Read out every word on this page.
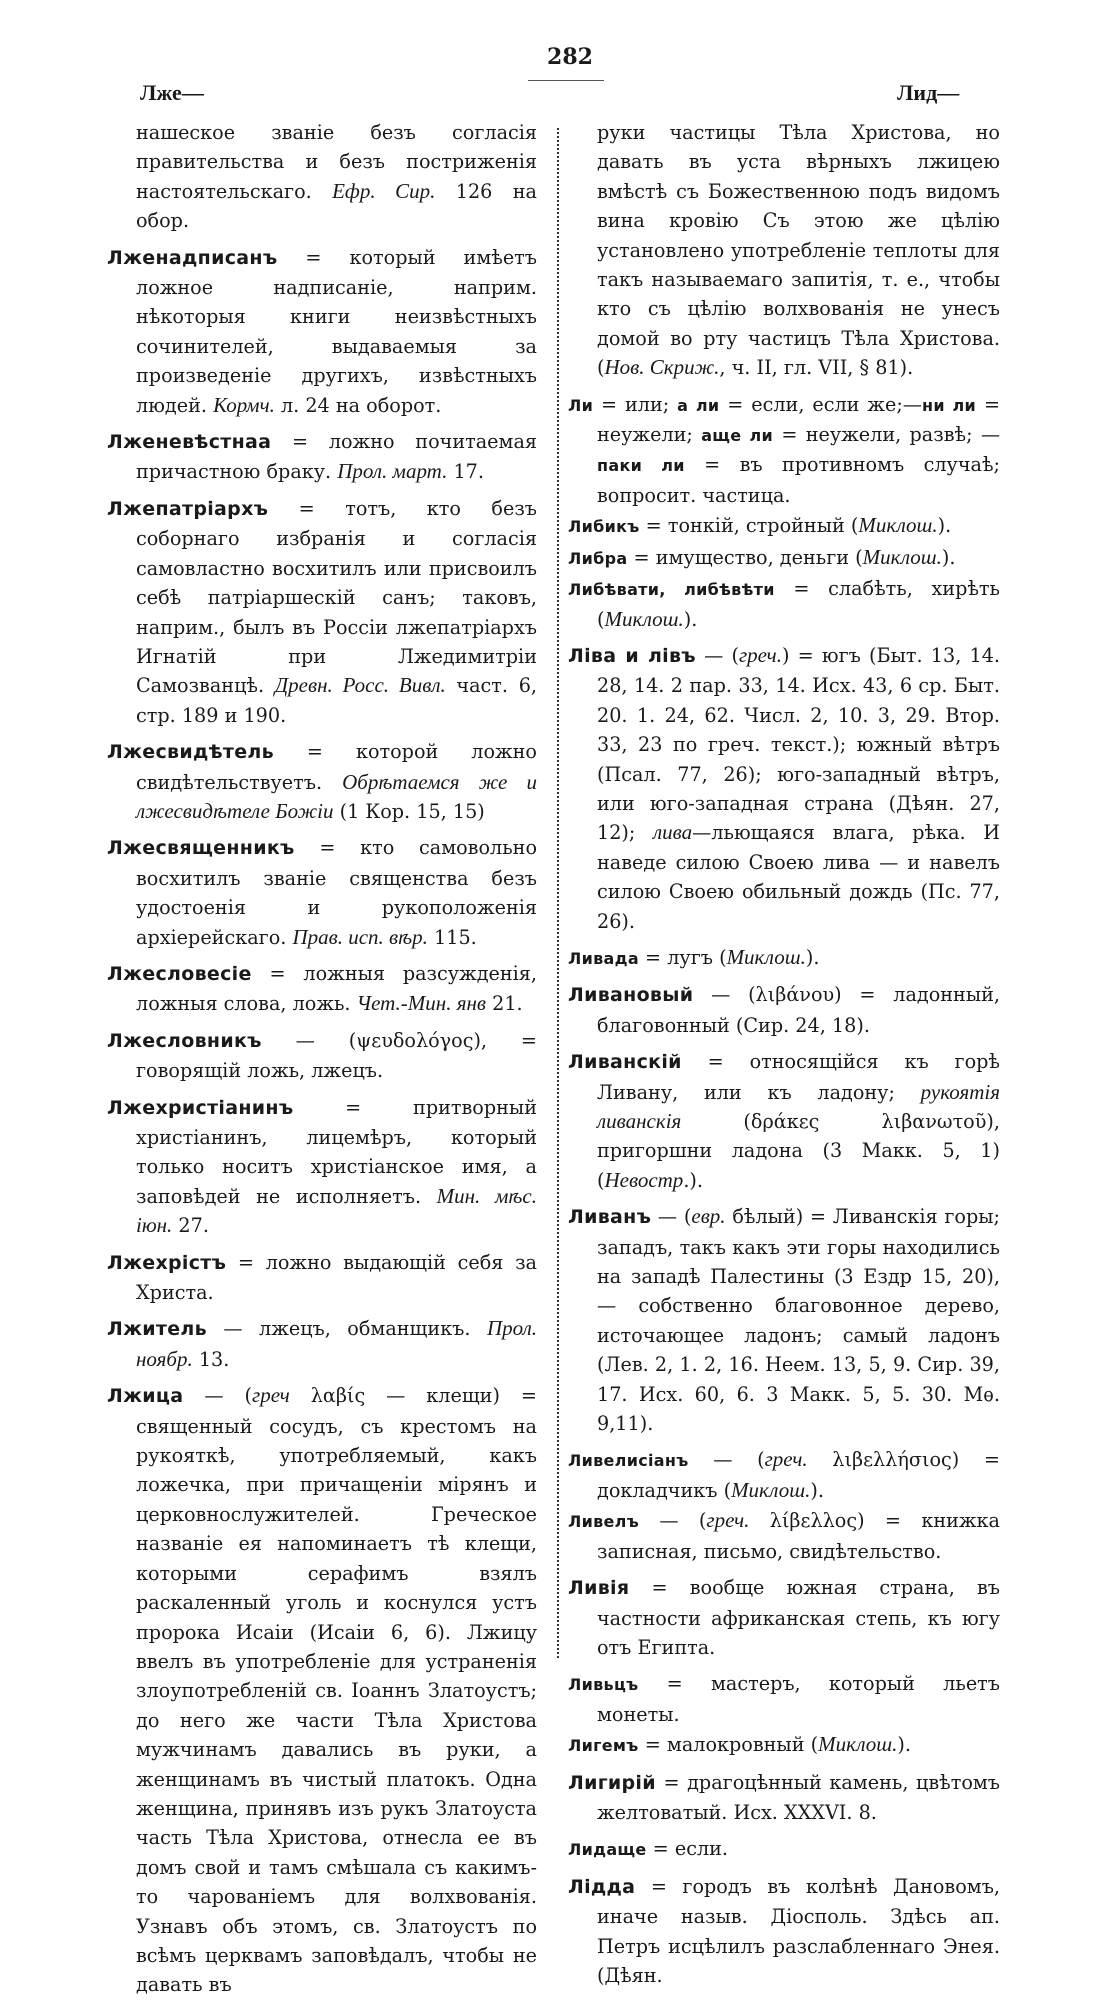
Лже—
282
Лид—

нашеское званіе безъ согласія правительства и безъ постриженія настоятельскаго. Ефр. Сир. 126 на обор.

Лженадписанъ = который имѣетъ ложное надписаніе, наприм. нѣкоторыя книги неизвѣстныхъ сочинителей, выдаваемыя за произведеніе другихъ, извѣстныхъ людей. Кормч. л. 24 на оборот.

Лженевѣстнаа = ложно почитаемая причастною браку. Прол. март. 17.

Лжепатріархъ = тотъ, кто безъ соборнаго избранія и согласія самовластно восхитилъ или присвоилъ себѣ патріаршескій санъ; таковъ, наприм., былъ въ Россіи лжепатріархъ Игнатій при Лжедимитріи Самозванцѣ. Древн. Росс. Вивл. част. 6, стр. 189 и 190.

Лжесвидѣтель = которой ложно свидѣтельствуетъ. Обрѣтаемся же и лжесвидѣтеле Божіи (1 Кор. 15, 15)

Лжесвященникъ = кто самовольно восхитилъ званіе священства безъ удостоенія и рукоположенія архіерейскаго. Прав. исп. вѣр. 115.

Лжесловесіе = ложныя разсужденія, ложныя слова, ложь. Чет.-Мин. янв 21.

Лжесловникъ — (ψευδολόγος), = говорящій ложь, лжецъ.

Лжехристіанинъ = притворный христіанинъ, лицемѣръ, который только носитъ христіанское имя, а заповѣдей не исполняетъ. Мин. мѣс. іюн. 27.

Лжехрістъ = ложно выдающій себя за Христа.

Лжитель — лжецъ, обманщикъ. Прол. ноябр. 13.

Лжица — (греч λαβίς — клещи) = священный сосудъ, съ крестомъ на рукояткѣ, употребляемый, какъ ложечка, при причащеніи мірянъ и церковнослужителей. Греческое названіе ея напоминаетъ тѣ клещи, которыми серафимъ взялъ раскаленный уголь и коснулся устъ пророка Исаіи (Исаіи 6, 6). Лжицу ввелъ въ употребленіе для устраненія злоупотребленій св. Іоаннъ Златоустъ; до него же части Тѣла Христова мужчинамъ давались въ руки, а женщинамъ въ чистый платокъ. Одна женщина, принявъ изъ рукъ Златоуста часть Тѣла Христова, отнесла ее въ домъ свой и тамъ смѣшала съ какимъ-то чарованіемъ для волхвованія. Узнавъ объ этомъ, св. Златоустъ по всѣмъ церквамъ заповѣдалъ, чтобы не давать въ

руки частицы Тѣла Христова, но давать въ уста вѣрныхъ лжицею вмѣстѣ съ Божественною подъ видомъ вина кровію Съ этою же цѣлію установлено употребленіе теплоты для такъ называемаго запитія, т. е., чтобы кто съ цѣлію волхвованія не унесъ домой во рту частицъ Тѣла Христова. (Нов. Скриж., ч. II, гл. VII, § 81).

Ли = или; а ли = если, если же;—ни ли = неужели; аще ли = неужели, развѣ; — паки ли = въ противномъ случаѣ; вопросит. частица.

Либикъ = тонкій, стройный (Миклош.).

Либра = имущество, деньги (Миклош.).

Либѣвати, либѣвѣти = слабѣть, хирѣть (Миклош.).

Ліва и лівъ — (греч.) = югъ (Быт. 13, 14. 28, 14. 2 пар. 33, 14. Исх. 43, 6 ср. Быт. 20. 1. 24, 62. Числ. 2, 10. 3, 29. Втор. 33, 23 по греч. текст.); южный вѣтръ (Псал. 77, 26); юго-западный вѣтръ, или юго-западная страна (Дѣян. 27, 12); лива—льющаяся влага, рѣка. И наведе силою Своею лива — и навелъ силою Своею обильный дождь (Пс. 77, 26).

Ливада = лугъ (Миклош.).

Ливановый — (λιβάνου) = ладонный, благовонный (Сир. 24, 18).

Ливанскій = относящійся къ горѣ Ливану, или къ ладону; рукоятія ливанскія (δράκες λιβανωτοῦ), пригоршни ладона (3 Макк. 5, 1) (Невостр.).

Ливанъ — (евр. бѣлый) = Ливанскія горы; западъ, такъ какъ эти горы находились на западѣ Палестины (3 Ездр 15, 20), — собственно благовонное дерево, источающее ладонъ; самый ладонъ (Лев. 2, 1. 2, 16. Неем. 13, 5, 9. Сир. 39, 17. Исх. 60, 6. 3 Макк. 5, 5. 30. Мѳ. 9,11).

Ливелисіанъ — (греч. λιβελλήσιος) = докладчикъ (Миклош.).

Ливелъ — (греч. λίβελλος) = книжка записная, письмо, свидѣтельство.

Ливія = вообще южная страна, въ частности африканская степь, къ югу отъ Египта.

Ливьцъ = мастеръ, который льетъ монеты.

Лигемъ = малокровный (Миклош.).

Лигирій = драгоцѣнный камень, цвѣтомъ желтоватый. Исх. XXXVI. 8.

Лидаще = если.

Лідда = городъ въ колѣнѣ Дановомъ, иначе назыв. Діосполь. Здѣсь ап. Петръ исцѣлилъ разслабленнаго Энея. (Дѣян.
